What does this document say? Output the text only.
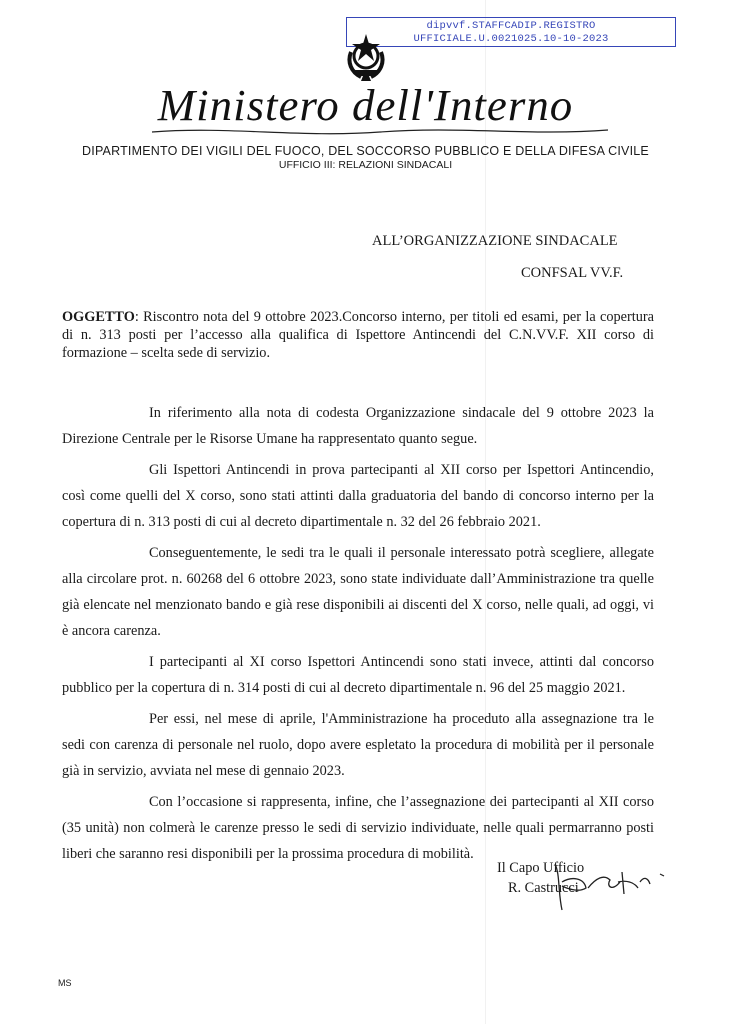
dipvvf.STAFFCADIP.REGISTRO
UFFICIALE.U.0021025.10-10-2023
Ministero dell'Interno
DIPARTIMENTO DEI VIGILI DEL FUOCO, DEL SOCCORSO PUBBLICO E DELLA DIFESA CIVILE
UFFICIO III: RELAZIONI SINDACALI
ALL’ORGANIZZAZIONE SINDACALE
CONFSAL VV.F.
OGGETTO: Riscontro nota del 9 ottobre 2023.Concorso interno, per titoli ed esami, per la copertura di n. 313 posti per l’accesso alla qualifica di Ispettore Antincendi del C.N.VV.F. XII corso di formazione – scelta sede di servizio.

In riferimento alla nota di codesta Organizzazione sindacale del 9 ottobre 2023 la Direzione Centrale per le Risorse Umane ha rappresentato quanto segue.

Gli Ispettori Antincendi in prova partecipanti al XII corso per Ispettori Antincendio, così come quelli del X corso, sono stati attinti dalla graduatoria del bando di concorso interno per la copertura di n. 313 posti di cui al decreto dipartimentale n. 32 del 26 febbraio 2021.

Conseguentemente, le sedi tra le quali il personale interessato potrà scegliere, allegate alla circolare prot. n. 60268 del 6 ottobre 2023, sono state individuate dall’Amministrazione tra quelle già elencate nel menzionato bando e già rese disponibili ai discenti del X corso, nelle quali, ad oggi, vi è ancora carenza.

I partecipanti al XI corso Ispettori Antincendi sono stati invece, attinti dal concorso pubblico per la copertura di n. 314 posti di cui al decreto dipartimentale n. 96 del 25 maggio 2021.

Per essi, nel mese di aprile, l'Amministrazione ha proceduto alla assegnazione tra le sedi con carenza di personale nel ruolo, dopo avere espletato la procedura di mobilità per il personale già in servizio, avviata nel mese di gennaio 2023.

Con l’occasione si rappresenta, infine, che l’assegnazione dei partecipanti al XII corso (35 unità) non colmerà le carenze presso le sedi di servizio individuate, nelle quali permarranno posti liberi che saranno resi disponibili per la prossima procedura di mobilità.

Il Capo Ufficio
R. Castrucci
MS
